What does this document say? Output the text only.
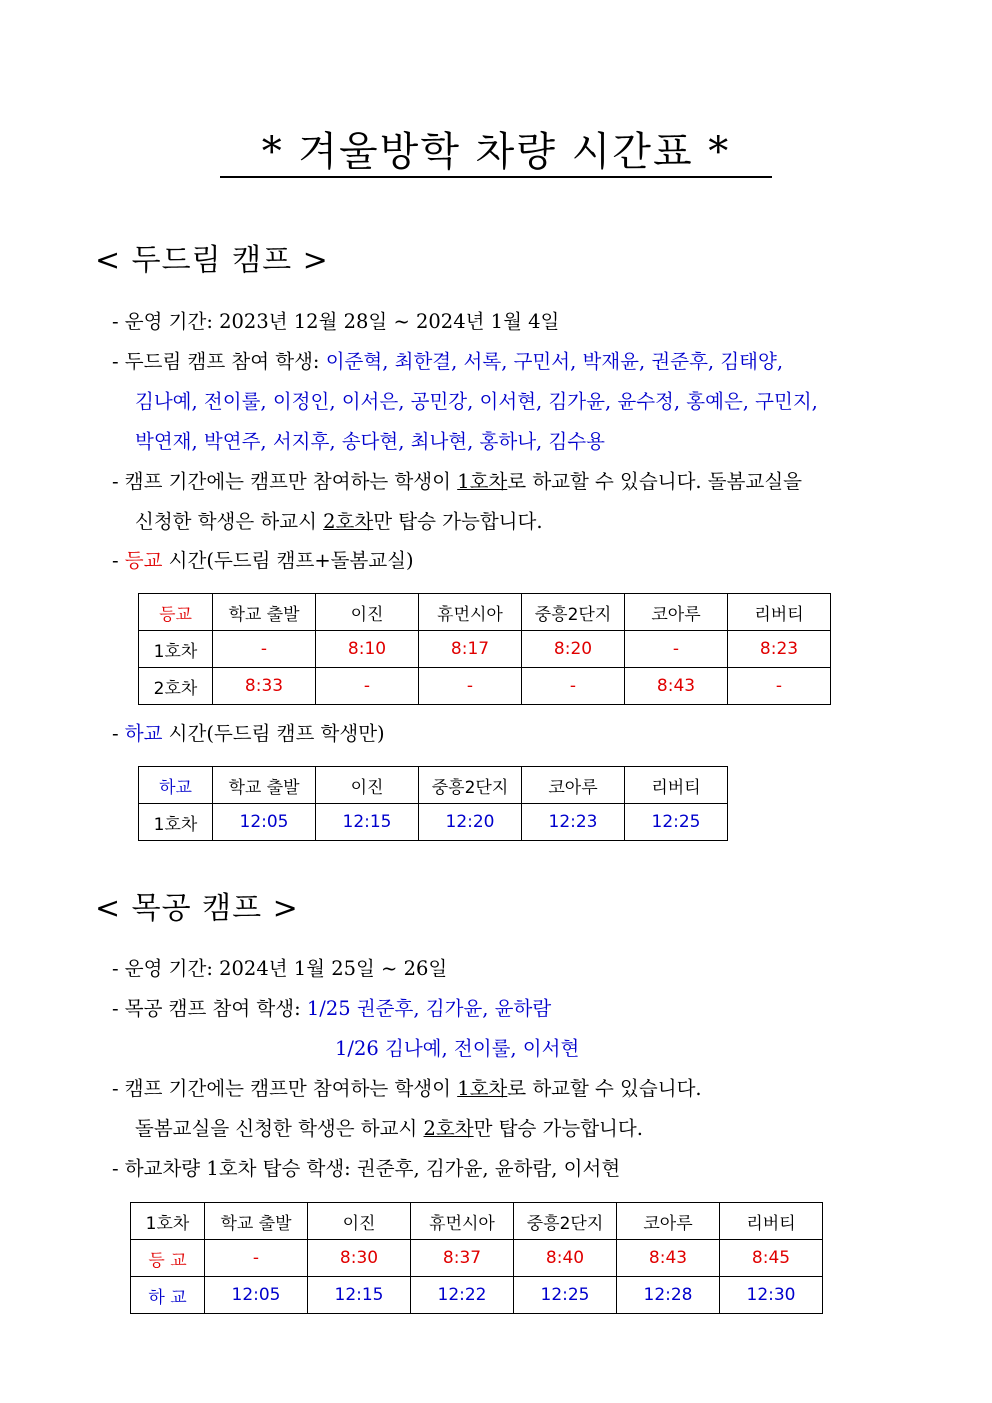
* 겨울방학 차량 시간표 *
< 두드림 캠프 >
- 운영 기간: 2023년 12월 28일 ~ 2024년 1월 4일
- 두드림 캠프 참여 학생: 이준혁, 최한결, 서록, 구민서, 박재윤, 권준후, 김태양,
김나예, 전이룰, 이정인, 이서은, 공민강, 이서현, 김가윤, 윤수정, 홍예은, 구민지,
박연재, 박연주, 서지후, 송다현, 최나현, 홍하나, 김수용
- 캠프 기간에는 캠프만 참여하는 학생이 1호차로 하교할 수 있습니다. 돌봄교실을
신청한 학생은 하교시 2호차만 탑승 가능합니다.
- 등교 시간(두드림 캠프+돌봄교실)
등교	학교 출발	이진	휴먼시아	중흥2단지	코아루	리버티
1호차	-	8:10	8:17	8:20	-	8:23
2호차	8:33	-	-	-	8:43	-
- 하교 시간(두드림 캠프 학생만)
하교	학교 출발	이진	중흥2단지	코아루	리버티
1호차	12:05	12:15	12:20	12:23	12:25
< 목공 캠프 >
- 운영 기간: 2024년 1월 25일 ~ 26일
- 목공 캠프 참여 학생: 1/25 권준후, 김가윤, 윤하람
1/26 김나예, 전이룰, 이서현
- 캠프 기간에는 캠프만 참여하는 학생이 1호차로 하교할 수 있습니다.
돌봄교실을 신청한 학생은 하교시 2호차만 탑승 가능합니다.
- 하교차량 1호차 탑승 학생: 권준후, 김가윤, 윤하람, 이서현
1호차	학교 출발	이진	휴먼시아	중흥2단지	코아루	리버티
등 교	-	8:30	8:37	8:40	8:43	8:45
하 교	12:05	12:15	12:22	12:25	12:28	12:30
